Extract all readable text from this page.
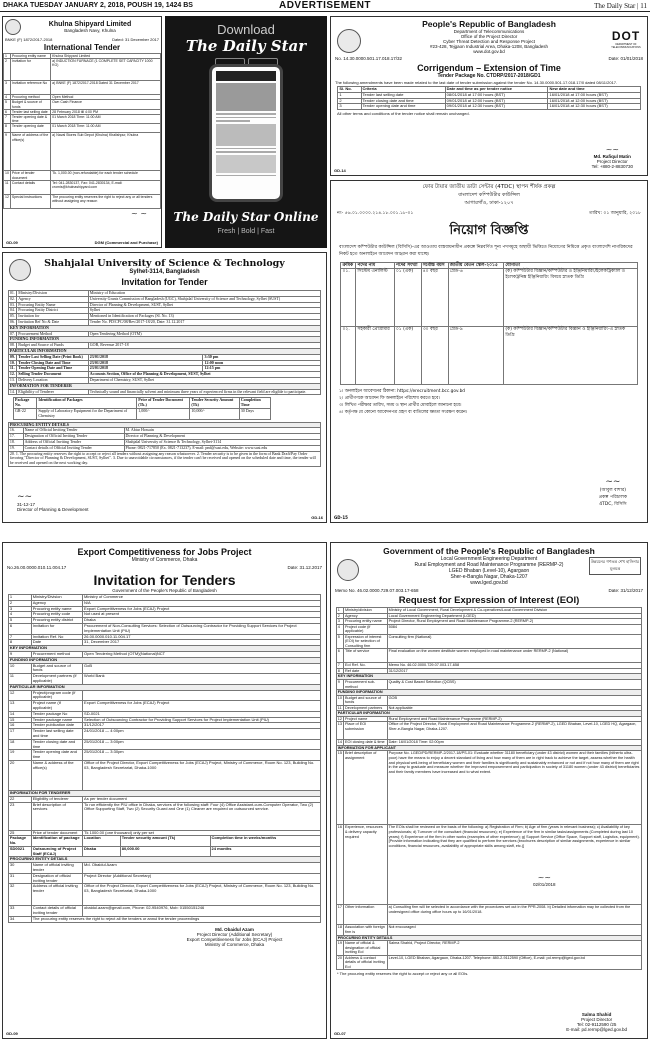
DHAKA TUESDAY JANUARY 2, 2018, POUSH 19, 1424 BS	ADVERTISEMENT	The Daily Star | 11
Khulna Shipyard Limited
Bangladesh Navy, Khulna
BNKE (F) 1872/2017-2018	Dated: 31 December 2017
International Tender
1	Procuring entity name	Khulna Shipyard Limited
2	Invitation for	a) INDUCTION FURNACE (1 COMPLETE SET CAPACITY 1000 KG)
3	Invitation reference No	a) BNKE (F) 1872/2017-2018 Dated 31 December 2017
4	Procuring method	Open Method
5	Budget & source of funds	Own Cash Finance
6	Tender last selling date	28 February 2018 till 4:00 PM
7	Tender opening date & time	01 March 2018 Time: 11:00 AM
8	Tender opening date	01 March 2018 Time: 11:00 AM
9	Name of address of the office(s)	a) Naval Stores Sub Depot (Khulna) Khalishpur, Khulna
10	Price of tender document	Tk. 1,000.00 (non-refundable) for each tender schedule
11	Contact details	Tel: 041-2830137, Fax: 041-2830134, E-mail: cromis@khulnashipyard.com
12	Special instructions	The procuring entity reserves the right to reject any or all tenders without assigning any reason
~ ~
GD-09	DGM (Commercial and Purchase)
Download
The Daily Star
The Daily Star Online
Fresh | Bold | Fast
DOT
DEPARTMENT OF TELECOMMUNICATIONS
People's Republic of Bangladesh
Department of Telecommunications
Office of the Project Director
Cyber Threat Detection and Response Project
#23-428, Tejgaon Industrial Area, Dhaka-1208, Bangladesh
www.dot.gov.bd
No. 14.30.0000.501.17.018.17/32	Date: 01/01/2018
Corrigendum – Extension of Time
Tender Package No. CTDRP/2017-2018/GD1
The following amendments have been made related to the last date of tender submission against the tender No. 14.30.0000.501.17.018.17/0 dated 08/11/2017.
Sl. No.	Criteria	Date and time as per tender notice	New date and time
1	Tender last selling date	08/01/2018 at 17:00 hours (BST)	16/01/2018 at 17:00 hours (BST)
2	Tender closing date and time	09/01/2018 at 12:00 hours (BST)	16/01/2018 at 12:00 hours (BST)
3	Tender opening date and time	09/01/2018 at 12:30 hours (BST)	16/01/2018 at 12:30 hours (BST)
All other terms and conditions of the tender notice shall remain unchanged.
~~
Md. Rafiqul Matin
Project Director
Tel: +880-2-8830730
GD-14
ফোর টায়ার জাতীয় ডাটা সেন্টার (4TDC) স্থাপন শীর্ষক প্রকল্প
বাংলাদেশ কম্পিউটার কাউন্সিল
আগারগাঁও, ঢাকা-১২০৭
নং- ৫৬.০১.০০০০.২১৪.১৮.০০১.১৮-০১	তারিখ: ০১ জানুয়ারি, ২০১৮
নিয়োগ বিজ্ঞপ্তি
বাংলাদেশ কম্পিউটার কাউন্সিল (বিসিসি)-এর আওতায় বাস্তবায়নাধীন প্রকল্পে নিম্নবর্ণিত শূন্য পদসমূহে অস্থায়ী ভিত্তিতে নিয়োগের নিমিত্তে প্রকৃত বাংলাদেশি নাগরিকদের নিকট হতে অনলাইনে আবেদন আহ্বান করা যাচ্ছে।
ক্রমিক	পদের নাম	পদের সংখ্যা	সর্বোচ্চ বয়স	জাতীয় বেতন স্কেল-২০১৫	যোগ্যতা
০১.	সিস্টেম এনালিস্ট	০১ (এক)	৪০ বছর	গ্রেড-৬	(ক) কম্পিউটার বিজ্ঞান/কম্পিউটার ও ইঞ্জিনিয়ারিং/ইলেকট্রিক্যাল ও ইলেকট্রনিক্স ইঞ্জিনিয়ারিং বিষয়ে স্নাতক ডিগ্রি
০২.	সহকারী প্রোগ্রামার	০১ (এক)	৩০ বছর	গ্রেড-৯	(ক) কম্পিউটার বিজ্ঞান/কম্পিউটার বিজ্ঞান ও ইঞ্জিনিয়ারিং-এ স্নাতক ডিগ্রি
১। অনলাইনে আবেদনের ঠিকানা: https://erecruitment.bcc.gov.bd
২। প্রার্থীগণকে আবেদন ফি অনলাইনে পরিশোধ করতে হবে।
৩। লিখিত পরীক্ষার তারিখ, সময় ও স্থান প্রার্থীর মোবাইলে জানানো হবে।
৪। কর্তৃপক্ষ যে কোনো আবেদনপত্র গ্রহণ বা বাতিলের ক্ষমতা সংরক্ষণ করেন।
~~
(আবুল বাশার)
প্রকল্প পরিচালক
4TDC, বিসিসি
GD-15
Shahjalal University of Science & Technology
Sylhet-3114, Bangladesh
Invitation for Tender
01.	Ministry/Division	Ministry of Education	
02.	Agency	University Grants Commission of Bangladesh (UGC), Shahjalal University of Science and Technology, Sylhet (SUST)	
03.	Procuring Entity Name	Director of Planning & Development, SUST, Sylhet	
04.	Procuring Entity District	Sylhet	
05.	Invitation for	Mentioned in Identification of Packages (Sl. No. 13)	
06.	Invitation Ref No & Date	Tender No. PD/CPC/08/Rev/2017-18/20, Date: 31.12.2017	
KEY INFORMATION			
07.	Procurement Method	Open Tendering Method (OTM)	
FUNDING INFORMATION			
08.	Budget and Source of Funds	GOB, Revenue 2017-18	
PARTICULAR INFORMATION			
09.	Tender Last Selling Date (Print Book)	23/01/2018	3:30 pm
10.	Tender Closing Date and Time	23/01/2018	12:00 noon
11.	Tender Opening Date and Time	23/01/2018	12:15 pm
12.	Selling Tender Document	Accounts Section, Office of the Planning & Development, SUST, Sylhet	
13.	Delivery Location	Department of Chemistry, SUST, Sylhet	
INFORMATION FOR TENDERER			
14.	Eligibility of Tenderer	Technically sound and financially solvent and minimum three years of experienced firms in the relevant field are eligible to participate.	
Package No.	Identification of Packages	Price of Tender Document (Tk.)	Tender Security Amount (Tk)	Completion Time
GR-22	Supply of Laboratory Equipment for the Department of Chemistry	1,000/-	10,000/-	30 Days
PROCURING ENTITY DETAILS		
16.	Name of Official Inviting Tender	M. Abtar Hossain
17.	Designation of Official Inviting Tender	Director of Planning & Development
18.	Address of Official Inviting Tender	Shahjalal University of Science & Technology, Sylhet-3114
19.	Contact details of Official Inviting Tender	Phone: 0821-717850 (Ex. 0821-713237), E-mail: pnd@sust.edu, Website: www.sust.edu
20. 1. The procuring entity reserves the right to accept or reject all tenders without assigning any reason whatsoever. 2. Tender security is to be given in the form of Bank Draft/Pay Order favoring "Director of Planning & Development, SUST, Sylhet". 3. Due to unavoidable circumstances, if the tender can't be received and opened on the scheduled date and time, the tender will be received and opened on the next working day.		
~~
31-12-17
Director of Planning & Development
GD-16
Export Competitiveness for Jobs Project
Ministry of Commerce, Dhaka
No.26.00.0000.010.11.004.17	Date: 31.12.2017
Invitation for Tenders
Government of the People's Republic of Bangladesh
1	Ministry/Division	Ministry of Commerce		
2	Agency	N/A		
3	Procuring entity name	Export Competitiveness for Jobs (ECAJ) Project		
4	Procuring entity code	Not used at present		
5	Procuring entity district	Dhaka		
6	Invitation for	Procurement of Non-Consulting Services: Selection of Outsourcing Contractor for Providing Support Services for Project Implementation Unit (PIU)		
7	Invitation Ref. No	26.00.0000.010.11.004.17		
8	Date	31, December 2017		
KEY INFORMATION				
9	Procurement method	Open Tendering Method (OTM)(National)NCT		
FUNDING INFORMATION				
10	Budget and source of funds	GoB		
11	Development partners (if applicable)	World Bank		
PARTICULAR INFORMATION				
12	Project/program code (if applicable)			
13	Project name (if applicable)	Export Competitiveness for Jobs (ECAJ) Project		
14	Tender package No	SD-0021		
15	Tender package name	Selection of Outsourcing Contractor for Providing Support Services for Project Implementation Unit (PIU)		
16	Tender publication date	31/12/2017		
17	Tender last selling date and time	24/01/2018 — 4:00pm		
18	Tender closing date and time	25/01/2018 — 3:00pm		
19	Tender opening date and time	25/01/2018 — 3:30pm		
20	Name & address of the office(s)	Office of the Project Director, Export Competitiveness for Jobs (ECAJ) Project, Ministry of Commerce, Room No. 123, Building No. 03, Bangladesh Secretariat, Dhaka-1000		
INFORMATION FOR TENDERER				
22	Eligibility of tenderer	As per tender document		
23	Brief description of services	To run efficiently the PIU office in Dhaka, services of the following staff: Four (4) Office Assistant-cum-Computer Operator, Two (2) Office Supporting Staff, Two (2) Security Guard and One (1) Cleaner are required on outsourced service.		
25	Price of tender document	Tk 1000.00 (one thousand) only per set		
Package No.	Identification of package	Location	Tender security amount (Tk)	Completion time in weeks/months
SD0021	Outsourcing of Project Staff (ECAJ)	Dhaka	80,000.00	24 months
PROCURING ENTITY DETAILS				
30	Name of official inviting tender	Md. Obaidul Azam		
31	Designation of official inviting tender	Project Director (Additional Secretary)		
32	Address of official inviting tender	Office of the Project Director, Export Competitiveness for Jobs (ECAJ) Project, Ministry of Commerce, Room No. 123, Building No. 03, Bangladesh Secretariat, Dhaka-1000		
33	Contact details of official inviting tender	obaidul.azam@gmail.com, Phone: 02-9540976, Mob: 01550151246		
34	The procuring entity reserves the right to reject all the tenders or annul the tender proceedings			
Md. Obaidul Azam
Project Director (Additional Secretary)
Export Competitiveness for Jobs (ECAJ) Project
Ministry of Commerce, Dhaka
GD-09
Government of the People's Republic of Bangladesh
উন্নয়নের গণতন্ত্র শেখ হাসিনার মূলমন্ত্র
Local Government Engineering Department
Rural Employment and Road Maintenance Programme (RERMP-2)
LGED Bhaban (Level-10), Agargaon
Sher-e-Bangla Nagar, Dhaka-1207
www.lged.gov.bd
Memo No. 46.02.0000.729.07.003.17-658	Date: 31/12/2017
Request for Expression of Interest (EOI)
1	Ministry/division	Ministry of Local Government, Rural Development & Co-operatives/Local Government Division
2	Agency	Local Government Engineering Department (LGED)
3	Procuring entity name	Project Director, Rural Employment and Road Maintenance Programme-2 (RERMP-2)
4	Project code (if applicable)	5084
5	Expression of interest (EOI) for selection of Consulting firm	Consulting firm (National)
6	Title of service	Final evaluation on the women destitute women employed in road maintenance under RERMP-2 (National)
7	EoI Ref. No.	Memo No. 46.02.0000.729.07.003.17-658
8	Ref date	31/12/2017
KEY INFORMATION		
9	Procurement sub-method	Quality & Cost Based Selection (QCBS)
FUNDING INFORMATION		
10	Budget and source of funds	GOB
11	Development partners	Not applicable
PARTICULAR INFORMATION		
12	Project name	Rural Employment and Road Maintenance Programme (RERMP-2)
13	Place of EOI submission	Office of the Project Director, Rural Employment and Road Maintenance Programme-2 (RERMP-2), LGED Bhaban, Level-10, LGED HQ, Agargaon, Sher-e-Bangla Nagar, Dhaka-1207.
14	EOI closing date & time	Date: 16/01/2018 Time: 02:00pm
INFORMATION FOR APPLICANT		
15	Brief description of assignment	Purpose No. LGED/PD/RERMP-2/2017-18/PS-01: Evaluate whether 31180 beneficiary (under 43 district) women and their families (hitherto ultra-poor) have the means to enjoy a decent standard of living and how many of them are in right track to achieve the target, assess whether the health and physical well-being of beneficiary women and their families is significantly and sustainably enhanced or not and if not how many of them are right in the way to graduate and measure whether the improved empowerment and participation in society of 31180 women (under 43 district) beneficiaries and their family members have increased and to what extent.
16	Experience, resources & delivery capacity required	The EOIs shall be reviewed on the basis of the following: a) Registration of Firm; b) Age of firm (years in relevant business); c) Availability of key professionals; d) Turnover of the consultant (financial resources); e) Experience of the firm in similar tasks/assignments (Completed during last 10 years); f) Experience of the firm in other works (examples of other experience); g) Support Service (Office Space, Support staff, Logistics, equipment). [Provide information indicating that they are qualified to perform the services (brochures description of similar assignments, experience in similar conditions, financial resources, availability of appropriate skills among staff, etc.)]
17	Other information	a) Consulting firm will be selected in accordance with the procedures set out in the PPR-2008. b) Detailed information may be collected from the undersigned office during office hours up to 16/01/2018.
18	Association with foreign firm is	Not encouraged
PROCURING ENTITY DETAILS		
19	Name of official & designation of official inviting EoI	Salma Shahid, Project Director, RERMP-2
20	Address & contact details of official inviting EoI	Level-10, LGED Bhaban, Agargaon, Dhaka-1207. Telephone: 880-2-9112590 (Office), E-mail: pd.rermp@lged.gov.bd
* The procuring entity reserves the right to accept or reject any or all EOIs.
~~
02/01/2018
Salma Shahid
Project Director
Tel: 02-9112590 /25
E-mail: pd.rermp@lged.gov.bd
GD-07
